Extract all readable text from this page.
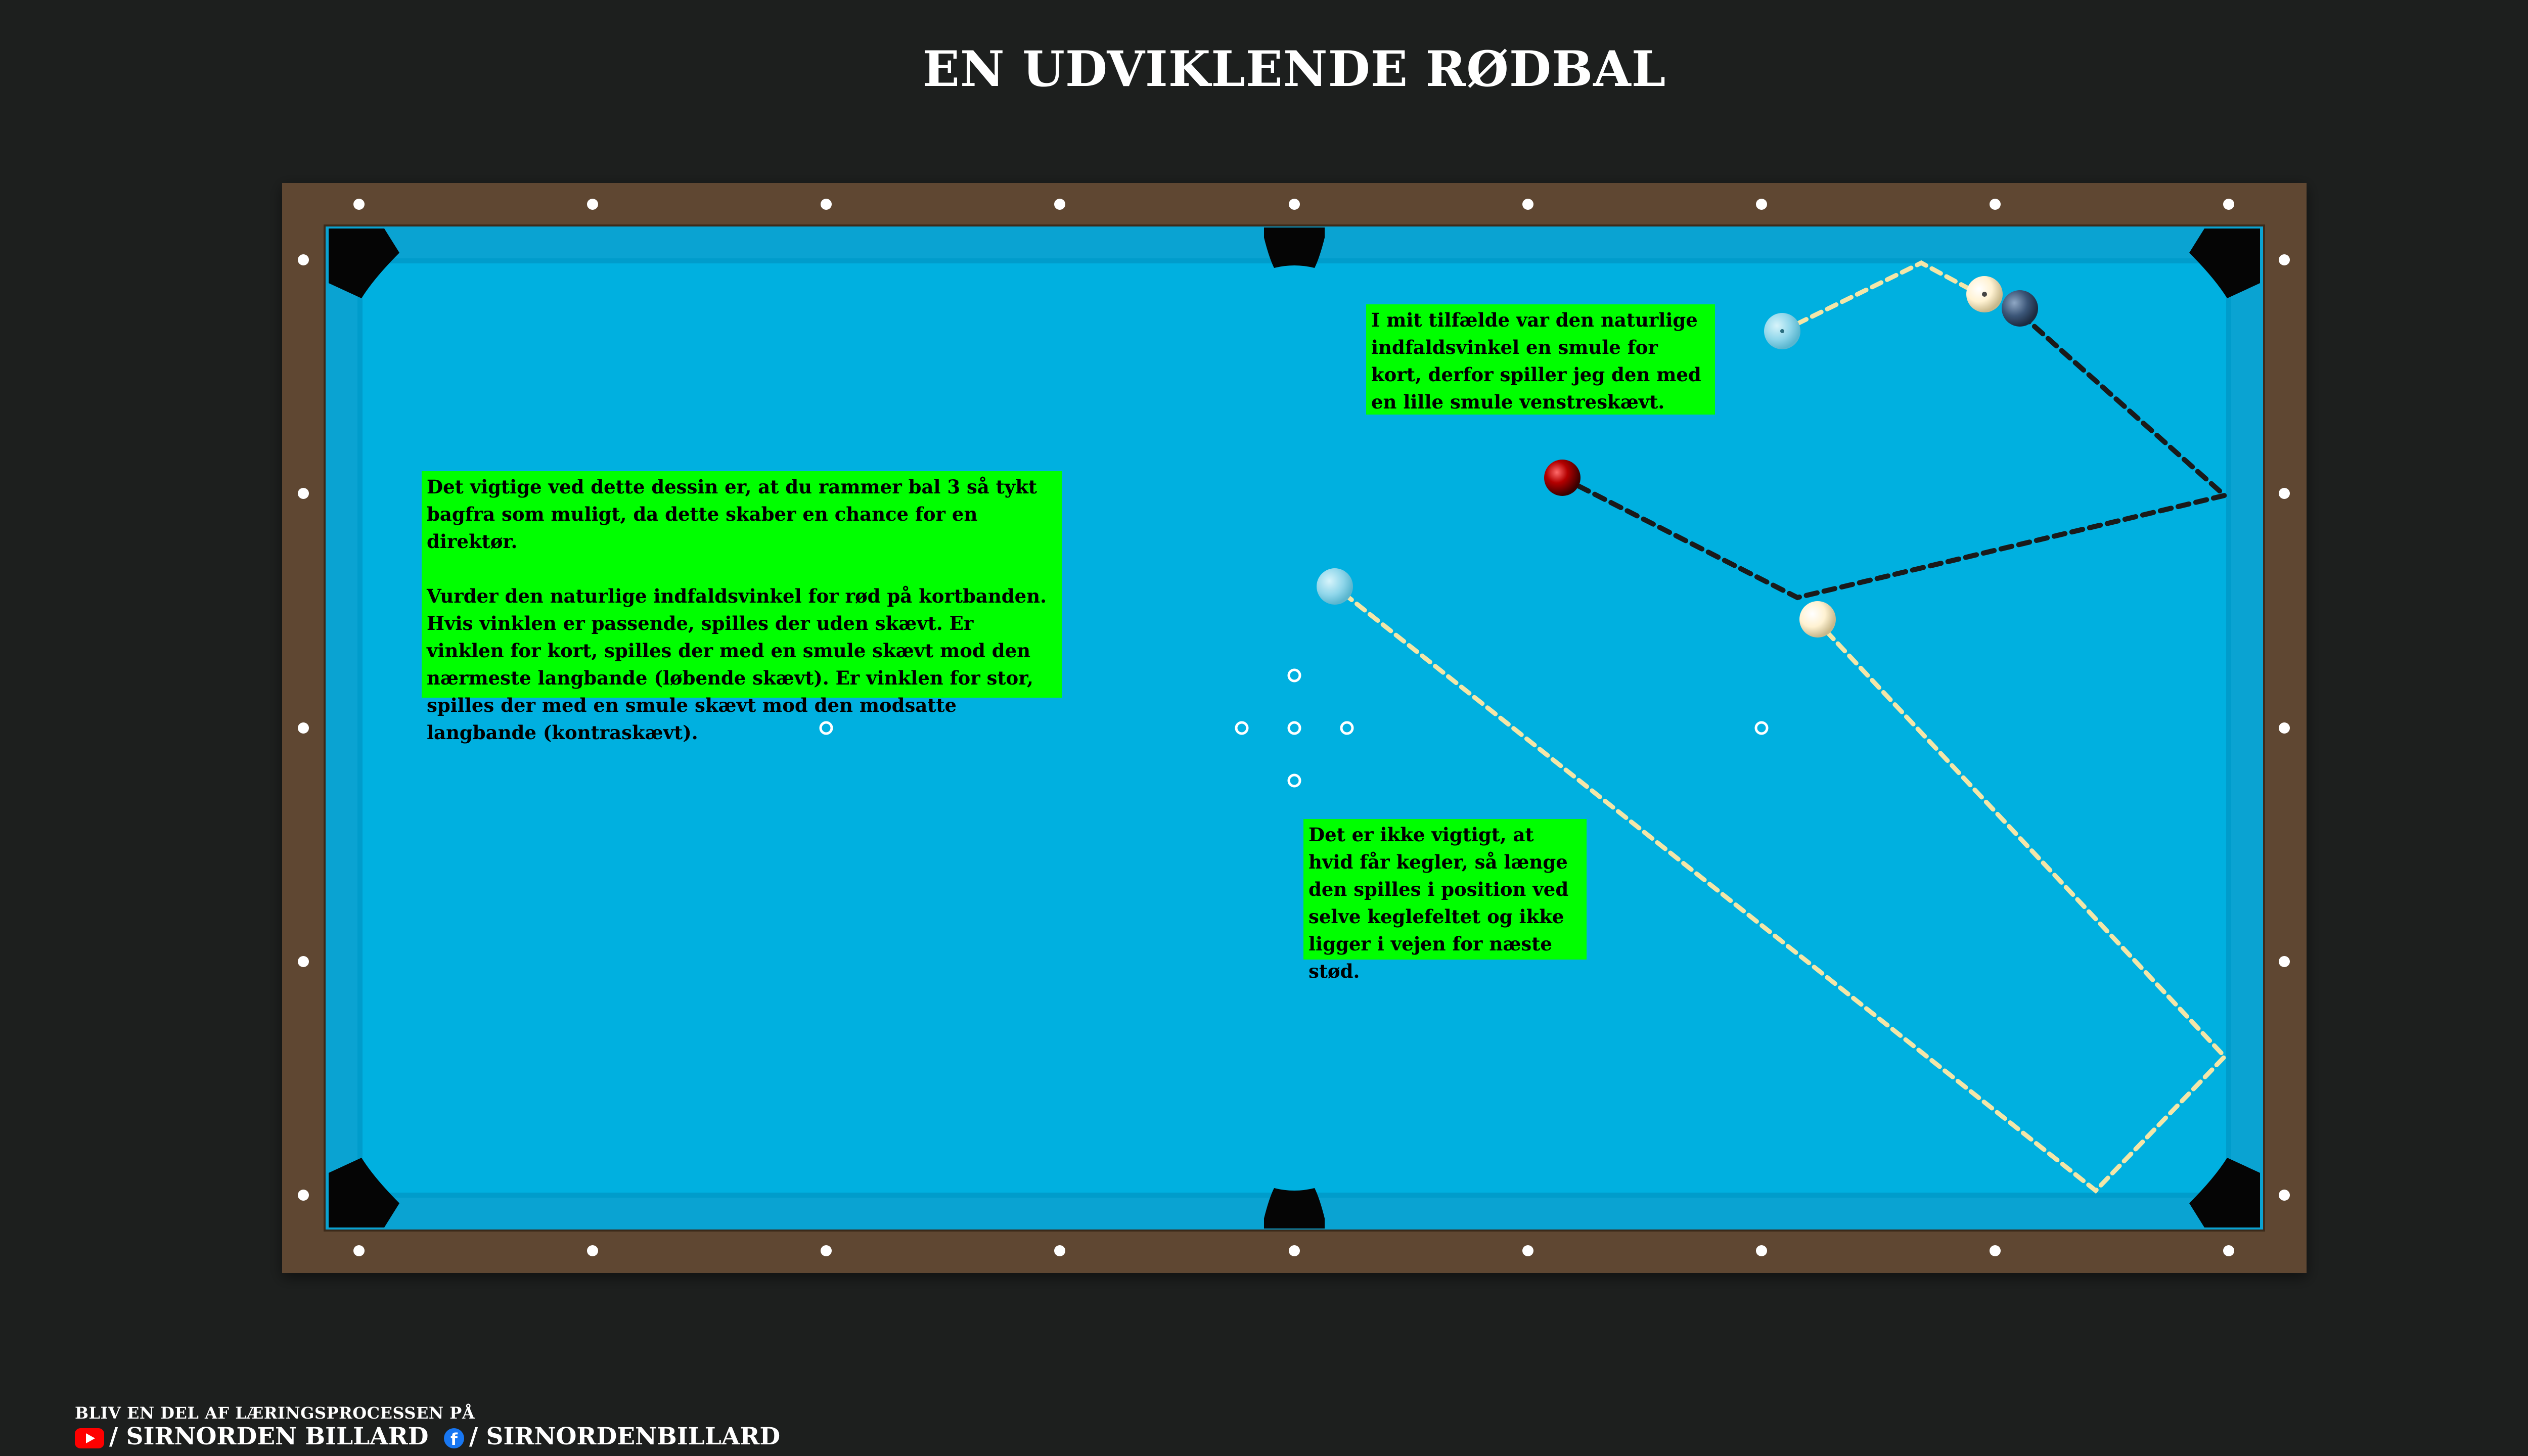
EN UDVIKLENDE RØDBAL
Det vigtige ved dette dessin er, at du rammer bal 3 så tykt bagfra som muligt, da dette skaber en chance for en direktør.

Vurder den naturlige indfaldsvinkel for rød på kortbanden. Hvis vinklen er passende, spilles der uden skævt. Er vinklen for kort, spilles der med en smule skævt mod den nærmeste langbande (løbende skævt). Er vinklen for stor, spilles der med en smule skævt mod den modsatte langbande (kontraskævt).
I mit tilfælde var den naturlige indfaldsvinkel en smule for kort, derfor spiller jeg den med en lille smule venstreskævt.
Det er ikke vigtigt, at hvid får kegler, så længe den spilles i position ved selve keglefeltet og ikke ligger i vejen for næste stød.
BLIV EN DEL AF LÆRINGSPROCESSEN PÅ
/ SIRNORDEN BILLARD	f / SIRNORDENBILLARD
